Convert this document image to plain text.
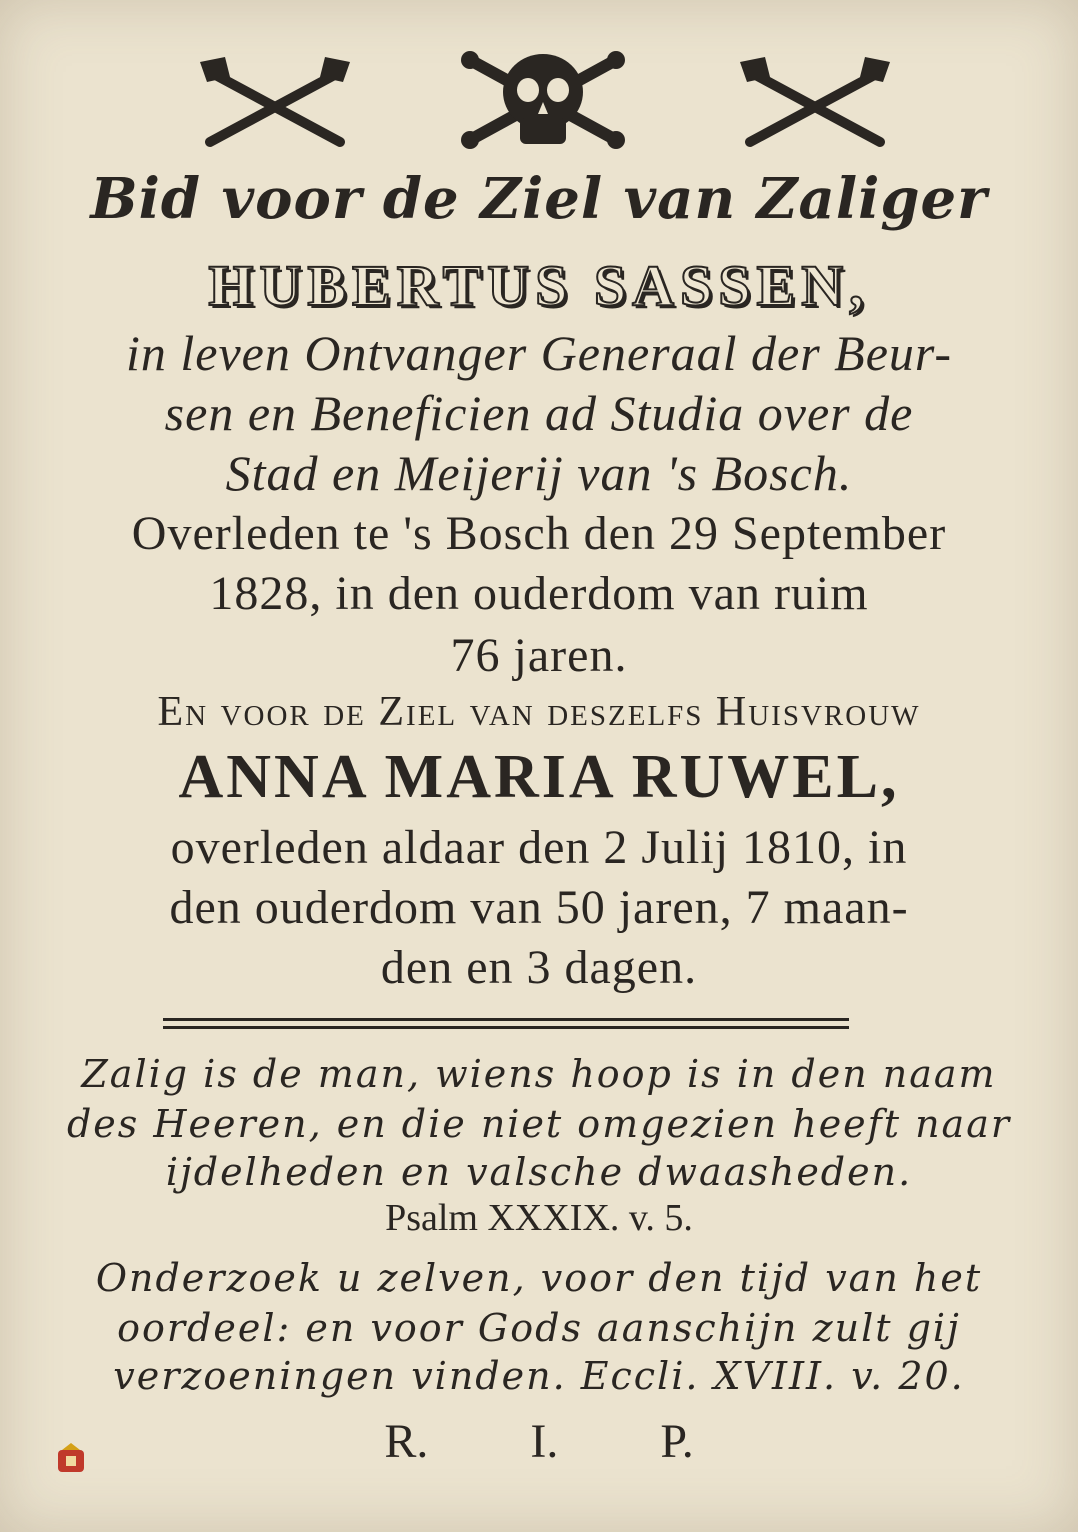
Bid voor de Ziel van Zaliger
HUBERTUS SASSEN,
in leven Ontvanger Generaal der Beur-
sen en Beneficien ad Studia over de
Stad en Meijerij van 's Bosch.
Overleden te 's Bosch den 29 September
1828, in den ouderdom van ruim
76 jaren.
En voor de Ziel van deszelfs Huisvrouw
ANNA MARIA RUWEL,
overleden aldaar den 2 Julij 1810, in
den ouderdom van 50 jaren, 7 maan-
den en 3 dagen.
Zalig is de man, wiens hoop is in den naam
des Heeren, en die niet omgezien heeft naar
ijdelheden en valsche dwaasheden.
Psalm XXXIX. v. 5.
Onderzoek u zelven, voor den tijd van het
oordeel: en voor Gods aanschijn zult gij
verzoeningen vinden. Eccli. XVIII. v. 20.
R. I. P.
